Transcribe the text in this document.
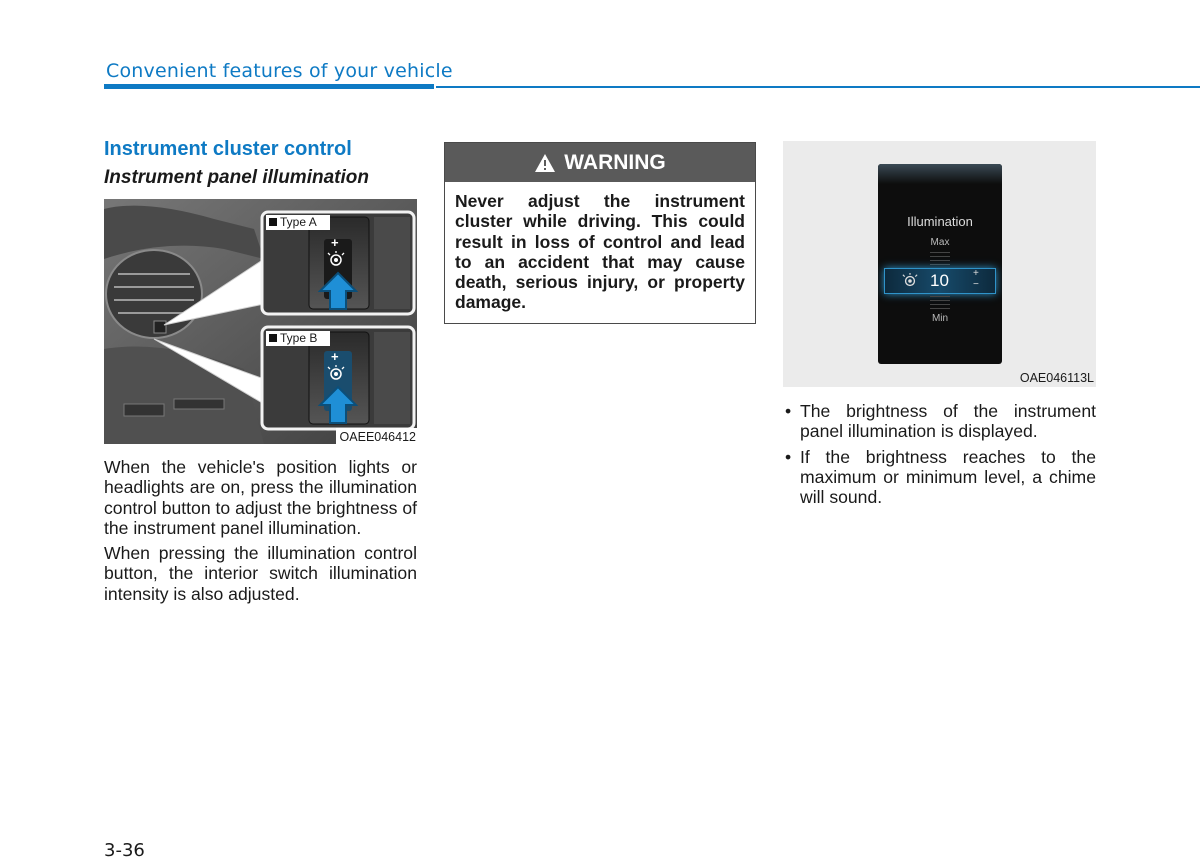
Convenient features of your vehicle
Instrument cluster control
Instrument panel illumination
Type A
Type B
+
+
OAEE046412

When the vehicle's position lights or headlights are on, press the illumination control button to adjust the brightness of the instrument panel illumination.

When pressing the illumination control button, the interior switch illumination intensity is also adjusted.

WARNING
Never adjust the instrument cluster while driving. This could result in loss of control and lead to an accident that may cause death, serious injury, or property damage.
Illumination
Max
10 +
−
Min
OAE046113L
• The brightness of the instrument panel illumination is displayed.
• If the brightness reaches to the maximum or minimum level, a chime will sound.
3-36
